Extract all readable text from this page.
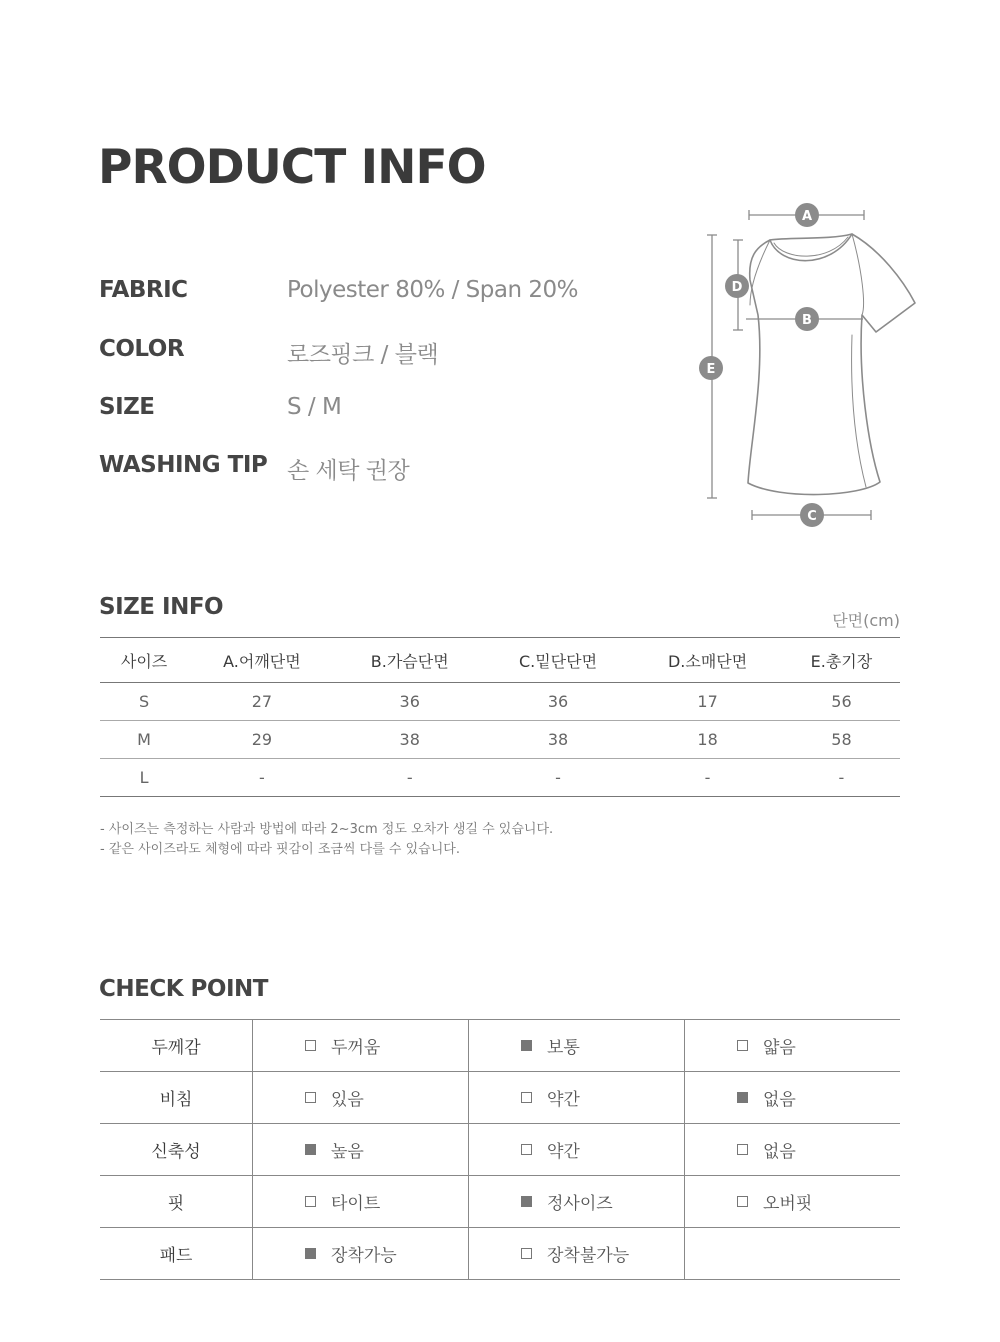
PRODUCT INFO
FABRIC	Polyester 80% / Span 20%
COLOR	로즈핑크 / 블랙
SIZE	S / M
WASHING TIP 손 세탁 권장
A
B
C
D
E
SIZE INFO
단면(cm)
사이즈	A.어깨단면	B.가슴단면	C.밑단단면	D.소매단면	E.총기장
S	27	36	36	17	56
M	29	38	38	18	58
L	-	-	-	-	-
- 사이즈는 측정하는 사람과 방법에 따라 2~3cm 정도 오차가 생길 수 있습니다.
- 같은 사이즈라도 체형에 따라 핏감이 조금씩 다를 수 있습니다.
CHECK POINT
두께감	두꺼움	보통	얇음

비침	있음	약간	없음

신축성	높음	약간	없음

핏	타이트	정사이즈	오버핏

패드	장착가능	장착불가능	
